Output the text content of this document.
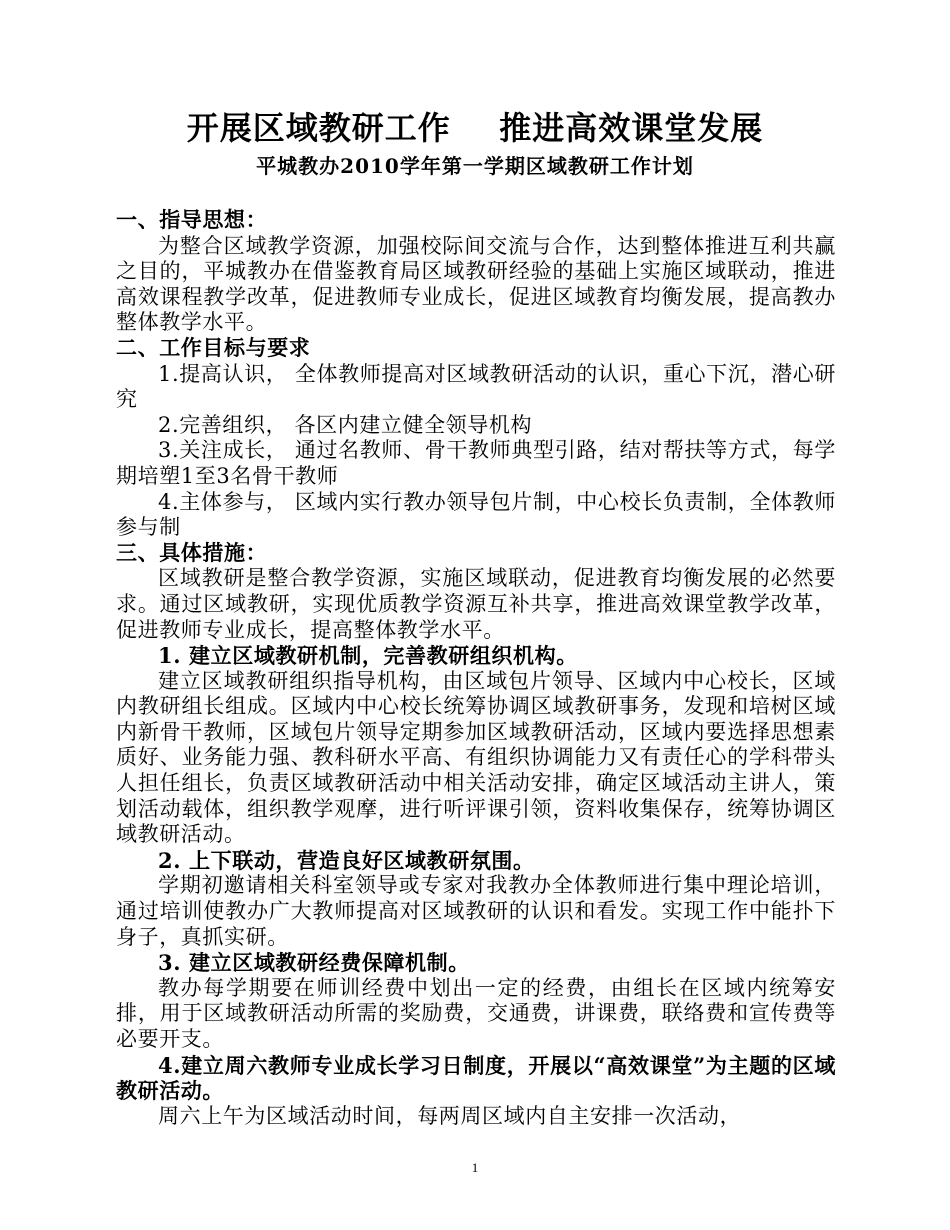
开展区域教研工作    推进高效课堂发展
平城教办2010学年第一学期区域教研工作计划
一、指导思想：

为整合区域教学资源，加强校际间交流与合作，达到整体推进互利共赢之目的，平城教办在借鉴教育局区域教研经验的基础上实施区域联动，推进高效课程教学改革，促进教师专业成长，促进区域教育均衡发展，提高教办整体教学水平。

二、工作目标与要求

1.提高认识， 全体教师提高对区域教研活动的认识，重心下沉，潜心研究

2.完善组织， 各区内建立健全领导机构

3.关注成长， 通过名教师、骨干教师典型引路，结对帮扶等方式，每学期培塑1至3名骨干教师

4.主体参与， 区域内实行教办领导包片制，中心校长负责制，全体教师参与制

三、具体措施：

区域教研是整合教学资源，实施区域联动，促进教育均衡发展的必然要求。通过区域教研，实现优质教学资源互补共享，推进高效课堂教学改革，促进教师专业成长，提高整体教学水平。

1. 建立区域教研机制，完善教研组织机构。

建立区域教研组织指导机构，由区域包片领导、区域内中心校长，区域内教研组长组成。区域内中心校长统筹协调区域教研事务，发现和培树区域内新骨干教师，区域包片领导定期参加区域教研活动，区域内要选择思想素质好、业务能力强、教科研水平高、有组织协调能力又有责任心的学科带头人担任组长，负责区域教研活动中相关活动安排，确定区域活动主讲人，策划活动载体，组织教学观摩，进行听评课引领，资料收集保存，统筹协调区域教研活动。

2. 上下联动，营造良好区域教研氛围。

学期初邀请相关科室领导或专家对我教办全体教师进行集中理论培训，通过培训使教办广大教师提高对区域教研的认识和看发。实现工作中能扑下身子，真抓实研。

3. 建立区域教研经费保障机制。

教办每学期要在师训经费中划出一定的经费，由组长在区域内统筹安排，用于区域教研活动所需的奖励费，交通费，讲课费，联络费和宣传费等必要开支。

4.建立周六教师专业成长学习日制度，开展以“高效课堂”为主题的区域教研活动。

周六上午为区域活动时间，每两周区域内自主安排一次活动，

1
